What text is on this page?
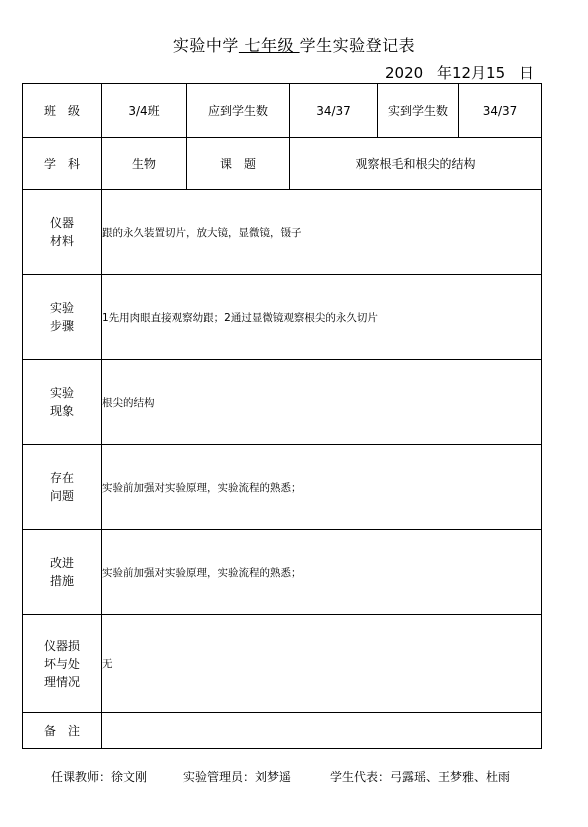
实验中学 七年级 学生实验登记表
2020 年12月15 日
班　级	3/4班	应到学生数	34/37	实到学生数	34/37
学　科	生物	课　题	观察根毛和根尖的结构		

仪器
材料	跟的永久装置切片，放大镜，显微镜，镊子				

实验
步骤	1先用肉眼直接观察幼跟；2通过显微镜观察根尖的永久切片				

实验
现象	根尖的结构				

存在
问题	实验前加强对实验原理，实验流程的熟悉；				

改进
措施	实验前加强对实验原理，实验流程的熟悉；				

仪器损
坏与处
理情况	无				
备　注					
任课教师：徐文刚	实验管理员：刘梦遥	学生代表：弓露瑶、王梦雅、杜雨
